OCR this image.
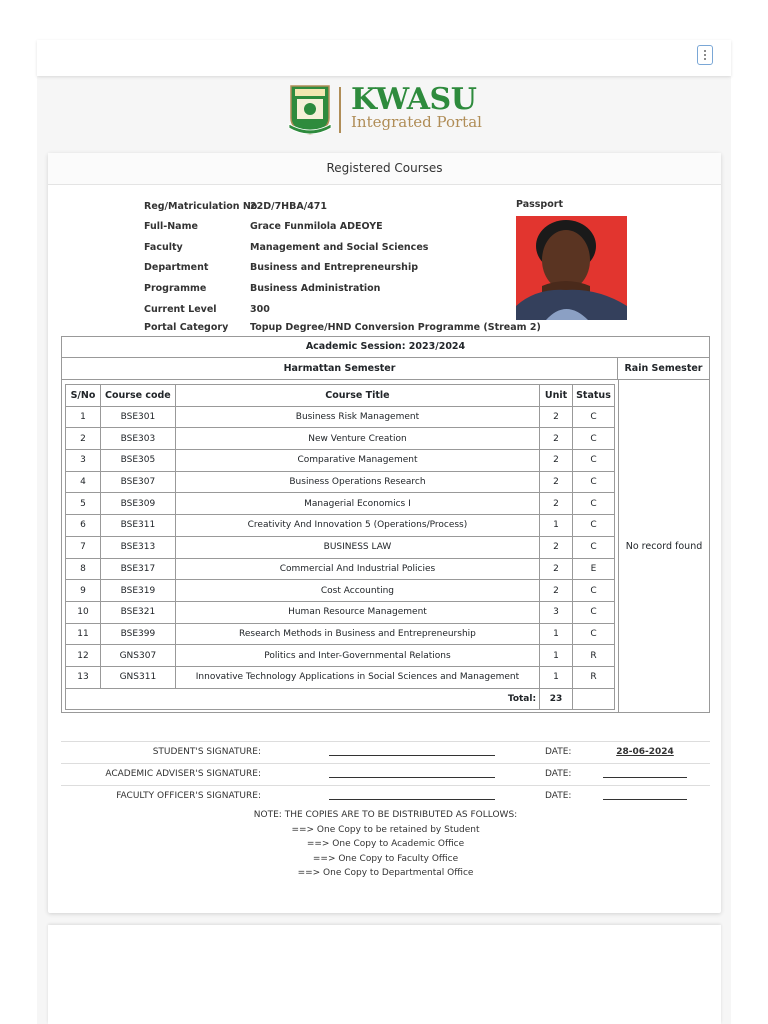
KWASU
Integrated Portal
Registered Courses
Reg/Matriculation No
22D/7HBA/471
Full-Name	Grace Funmilola ADEOYE
Faculty	Management and Social Sciences
Department	Business and Entrepreneurship
Programme	Business Administration
Current Level	300
Portal Category Topup Degree/HND Conversion Programme (Stream 2)
Passport
Academic Session: 2023/2024
Harmattan Semester	Rain Semester
No record found
S/No	Course code	Course Title	Unit	Status
1	BSE301	Business Risk Management	2	C
2	BSE303	New Venture Creation	2	C
3	BSE305	Comparative Management	2	C
4	BSE307	Business Operations Research	2	C
5	BSE309	Managerial Economics I	2	C
6	BSE311	Creativity And Innovation 5 (Operations/Process)	1	C
7	BSE313	BUSINESS LAW	2	C
8	BSE317	Commercial And Industrial Policies	2	E
9	BSE319	Cost Accounting	2	C
10	BSE321	Human Resource Management	3	C
11	BSE399	Research Methods in Business and Entrepreneurship	1	C
12	GNS307	Politics and Inter-Governmental Relations	1	R
13	GNS311	Innovative Technology Applications in Social Sciences and Management	1	R
Total:			23	
STUDENT'S SIGNATURE:	DATE:	28-06-2024
ACADEMIC ADVISER'S SIGNATURE:	DATE:
FACULTY OFFICER'S SIGNATURE:	DATE:
NOTE: THE COPIES ARE TO BE DISTRIBUTED AS FOLLOWS:
==> One Copy to be retained by Student
==> One Copy to Academic Office
==> One Copy to Faculty Office
==> One Copy to Departmental Office
